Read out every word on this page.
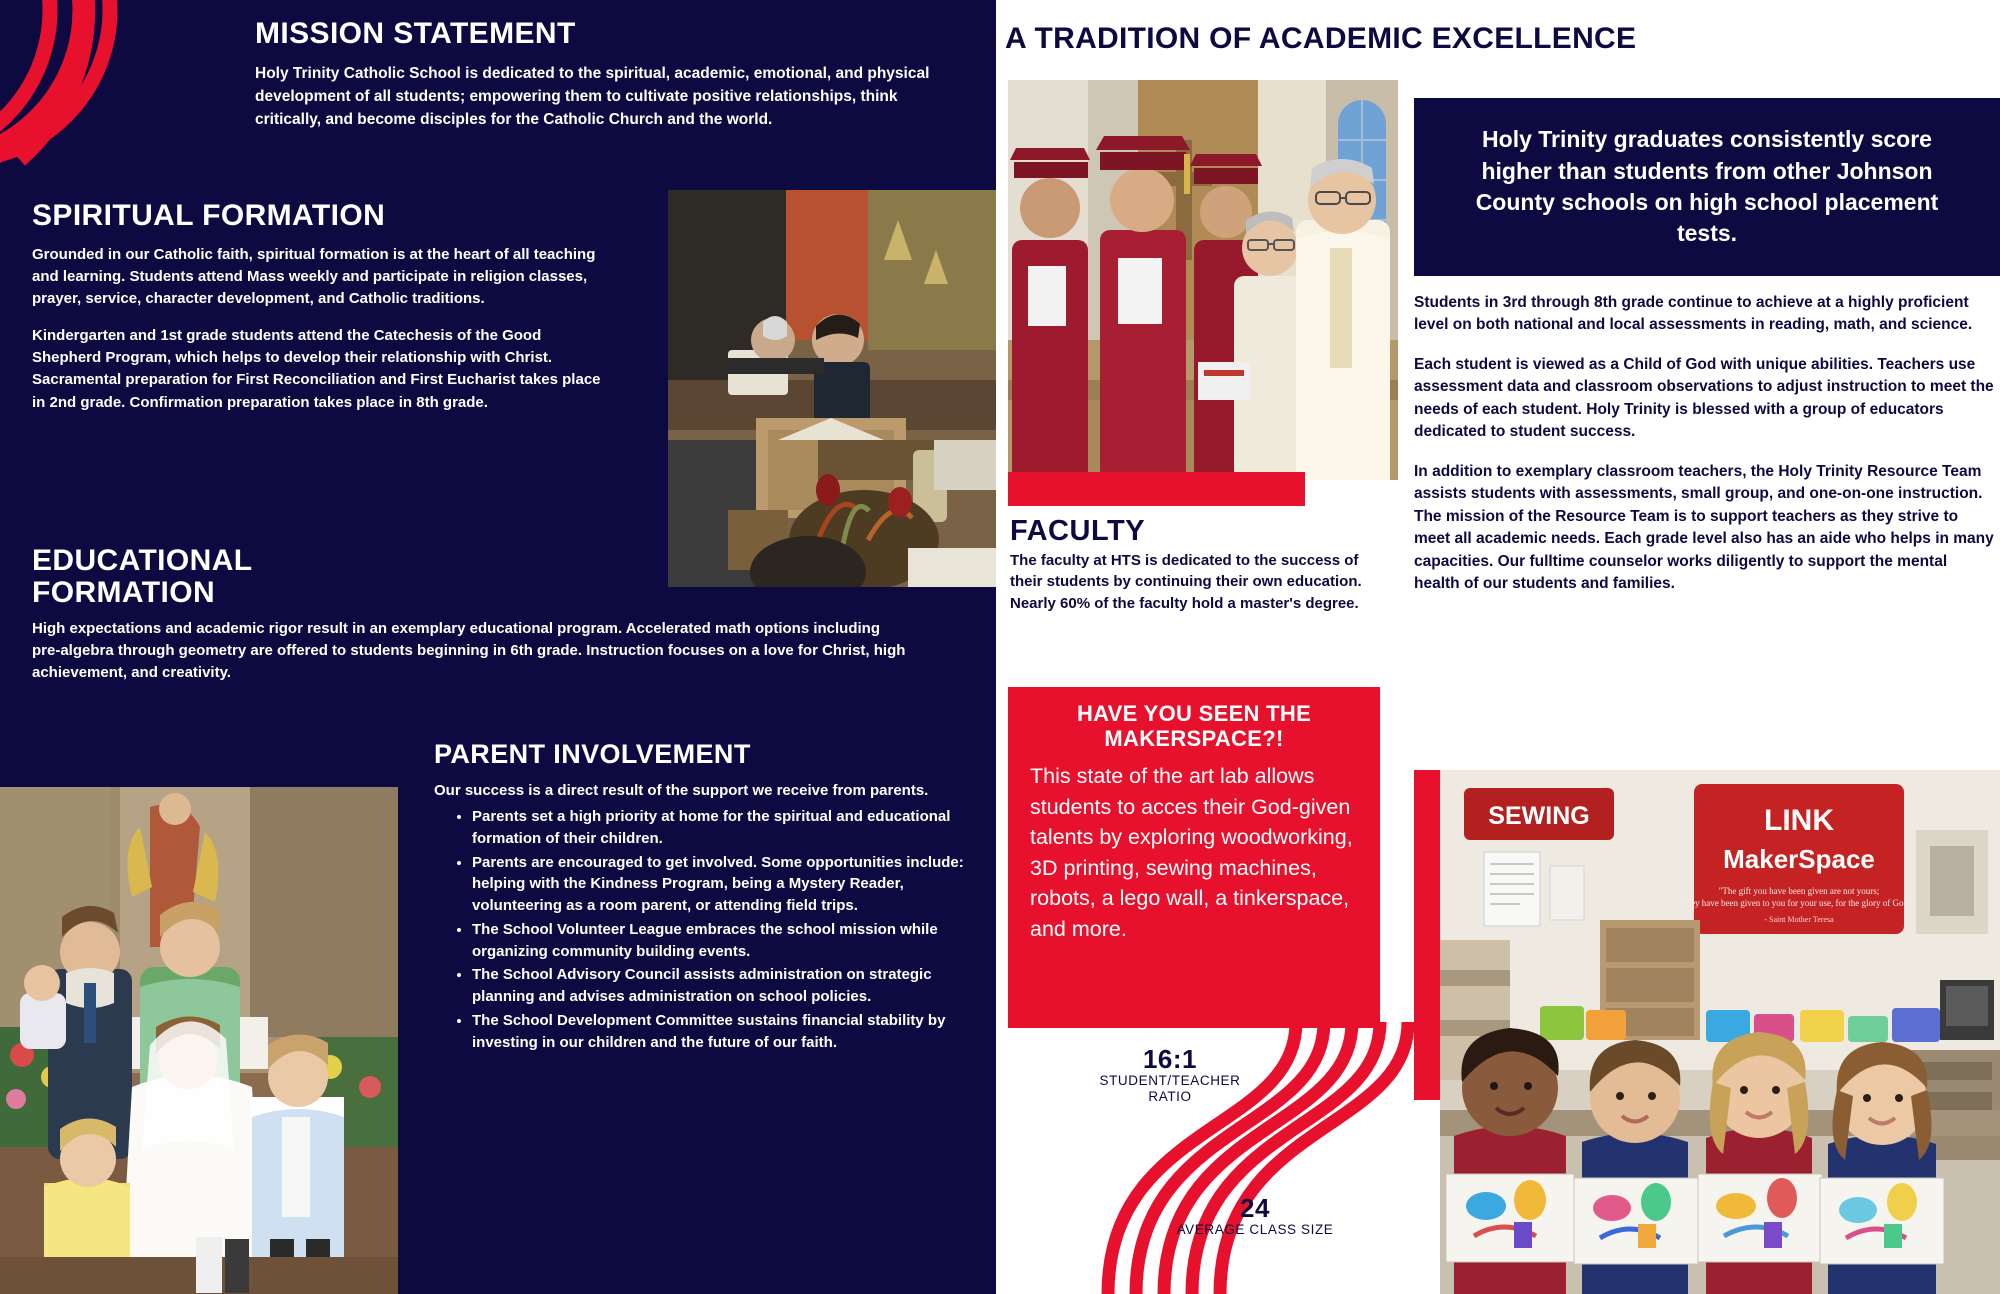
MISSION STATEMENT
Holy Trinity Catholic School is dedicated to the spiritual, academic, emotional, and physical development of all students; empowering them to cultivate positive relationships, think critically, and become disciples for the Catholic Church and the world.
SPIRITUAL FORMATION

Grounded in our Catholic faith, spiritual formation is at the heart of all teaching and learning. Students attend Mass weekly and participate in religion classes, prayer, service, character development, and Catholic traditions.

Kindergarten and 1st grade students attend the Catechesis of the Good Shepherd Program, which helps to develop their relationship with Christ. Sacramental preparation for First Reconciliation and First Eucharist takes place in 2nd grade. Confirmation preparation takes place in 8th grade.

EDUCATIONAL
FORMATION

High expectations and academic rigor result in an exemplary educational program. Accelerated math options including pre-algebra through geometry are offered to students beginning in 6th grade. Instruction focuses on a love for Christ, high achievement, and creativity.

PARENT INVOLVEMENT
Our success is a direct result of the support we receive from parents.
• Parents set a high priority at home for the spiritual and educational formation of their children.
• Parents are encouraged to get involved. Some opportunities include: helping with the Kindness Program, being a Mystery Reader, volunteering as a room parent, or attending field trips.
• The School Volunteer League embraces the school mission while organizing community building events.
• The School Advisory Council assists administration on strategic planning and advises administration on school policies.
• The School Development Committee sustains financial stability by investing in our children and the future of our faith.
A TRADITION OF ACADEMIC EXCELLENCE
FACULTY

The faculty at HTS is dedicated to the success of their students by continuing their own education. Nearly 60% of the faculty hold a master's degree.

HAVE YOU SEEN THE
MAKERSPACE?!

This state of the art lab allows students to acces their God-given talents by exploring woodworking, 3D printing, sewing machines, robots, a lego wall, a tinkerspace, and more.

16:1
STUDENT/TEACHER
RATIO
24
AVERAGE CLASS SIZE

Holy Trinity graduates consistently score higher than students from other Johnson County schools on high school placement tests.

Students in 3rd through 8th grade continue to achieve at a highly proficient level on both national and local assessments in reading, math, and science.

Each student is viewed as a Child of God with unique abilities. Teachers use assessment data and classroom observations to adjust instruction to meet the needs of each student. Holy Trinity is blessed with a group of educators dedicated to student success.

In addition to exemplary classroom teachers, the Holy Trinity Resource Team assists students with assessments, small group, and one-on-one instruction. The mission of the Resource Team is to support teachers as they strive to meet all academic needs. Each grade level also has an aide who helps in many capacities. Our fulltime counselor works diligently to support the mental health of our students and families.

SEWING	LINK
MakerSpace
"The gift you have been given are not yours;
they have been given to you for your use, for the glory of God."
- Saint Mother Teresa
